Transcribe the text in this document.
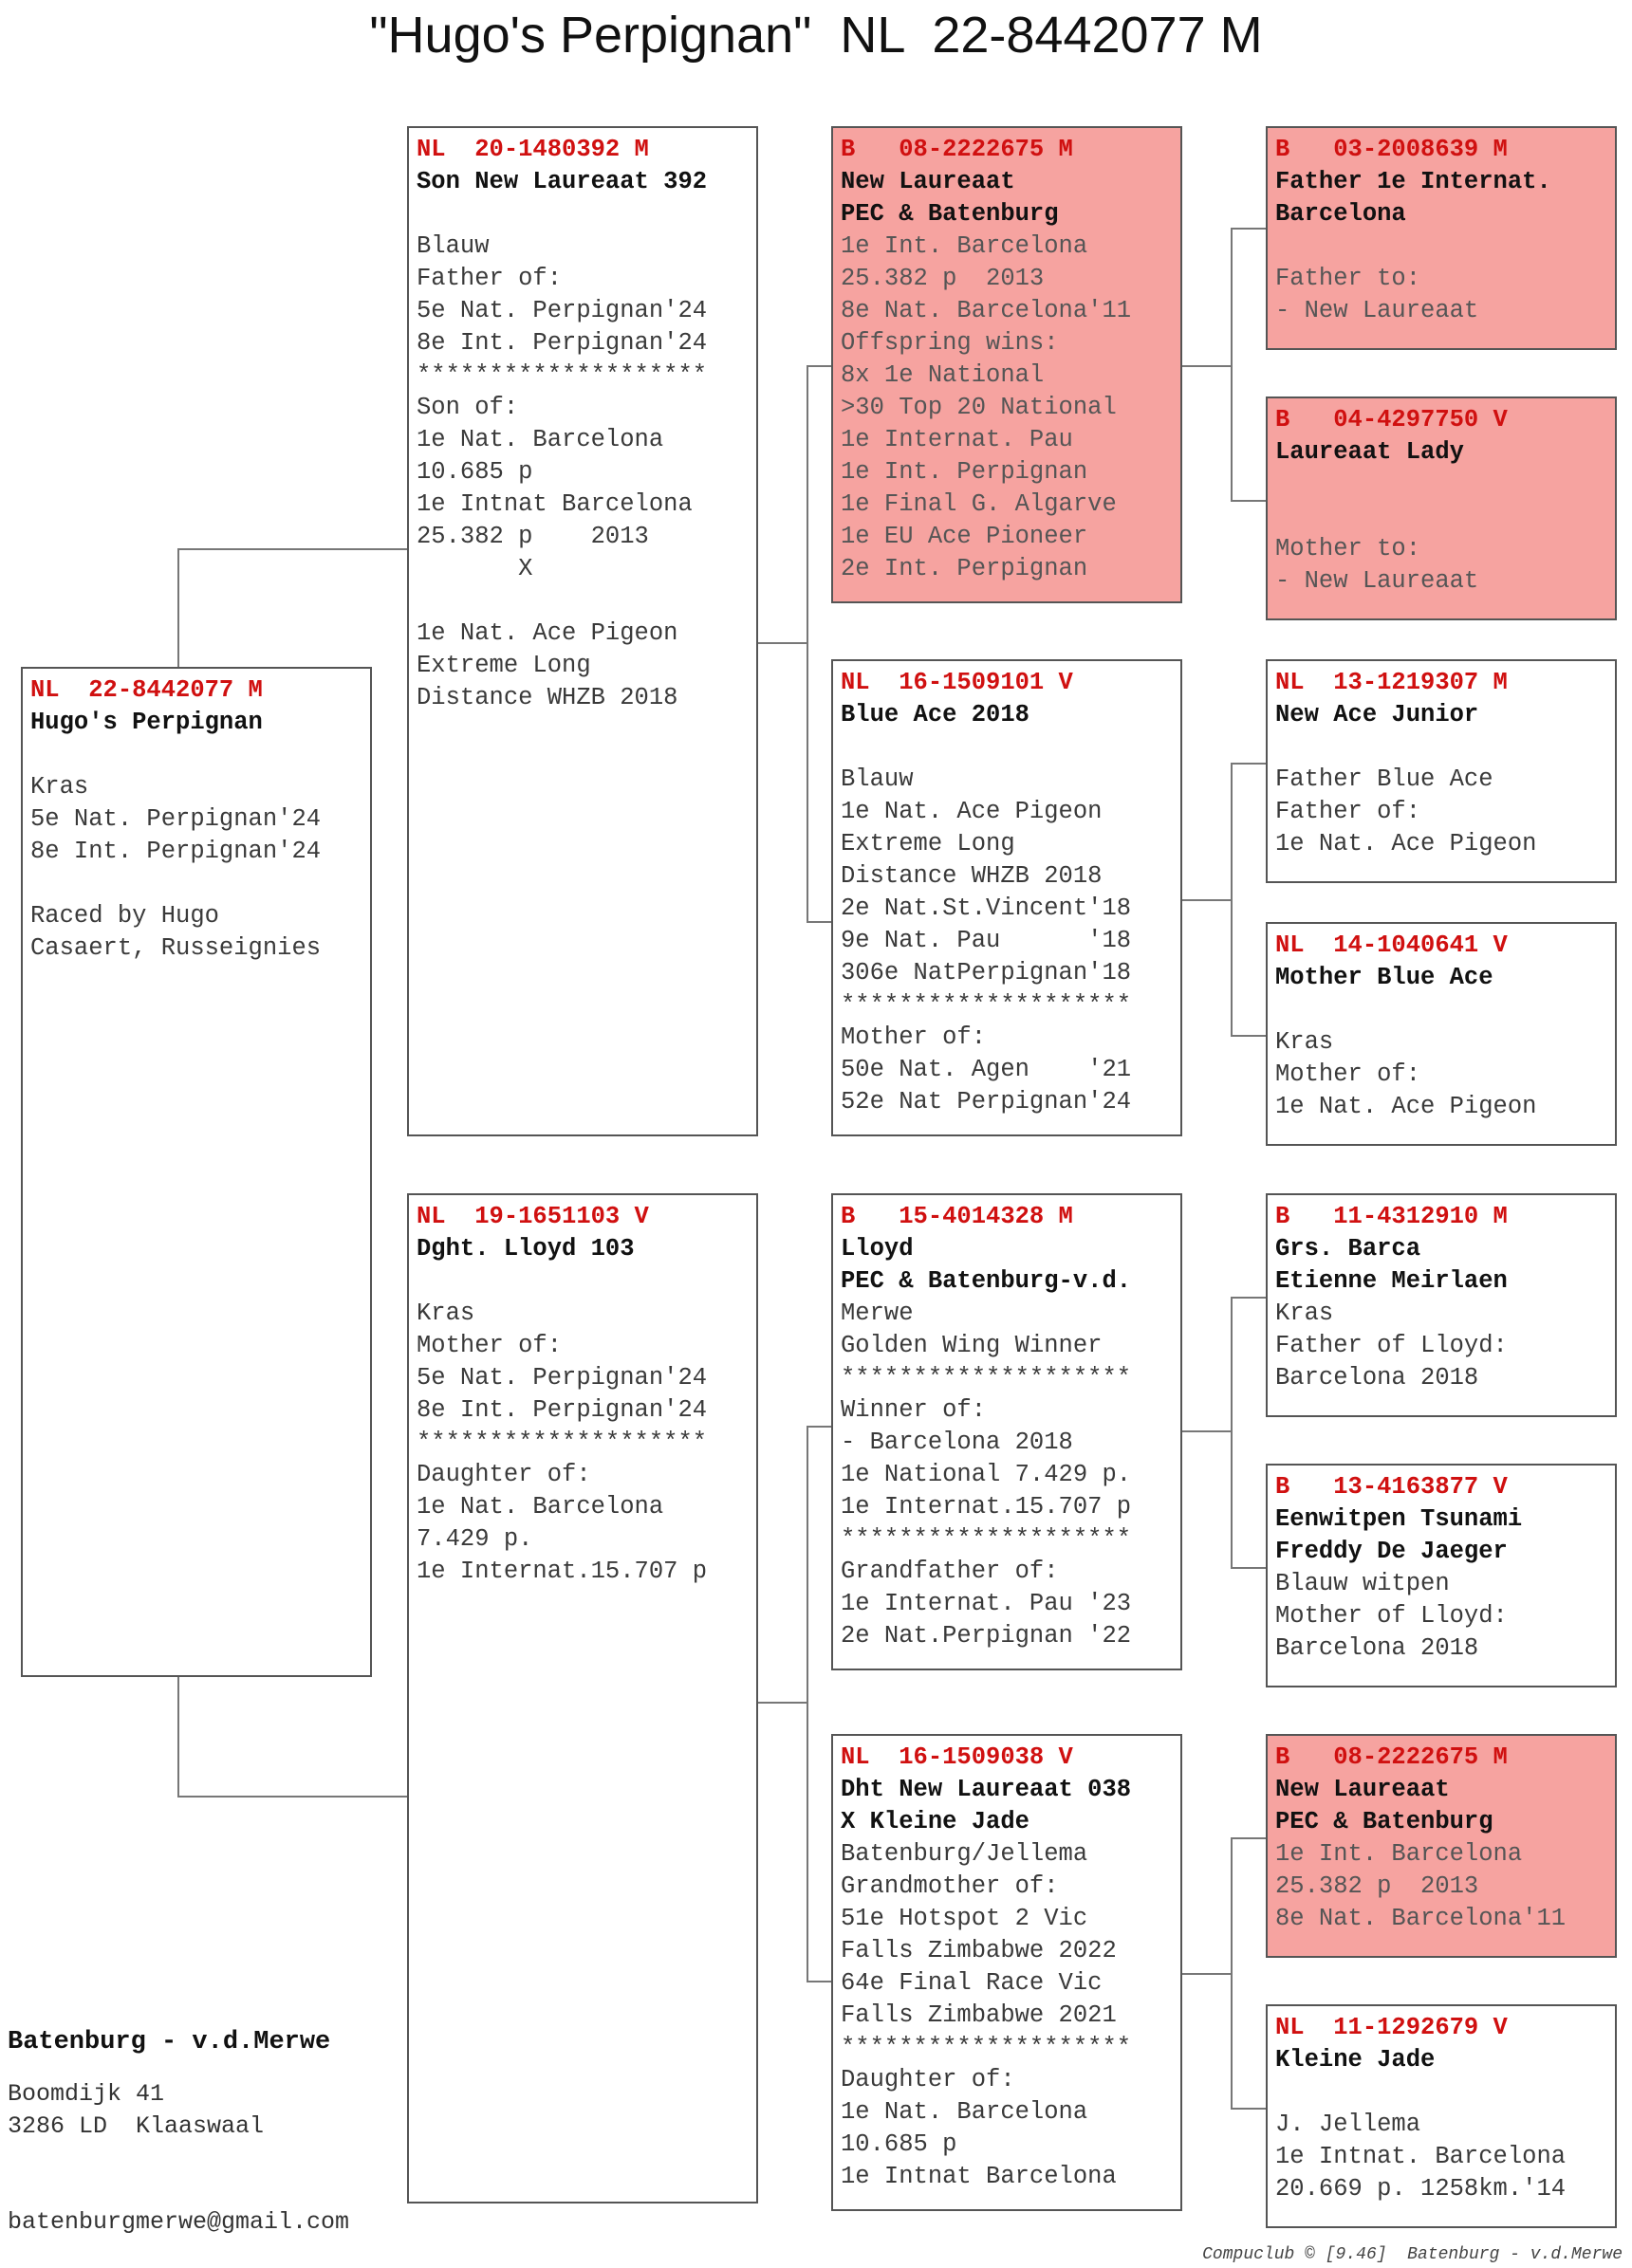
"Hugo's Perpignan"  NL  22-8442077 M
NL  22-8442077 M
Hugo's Perpignan
Kras
5e Nat. Perpignan'24
8e Int. Perpignan'24
Raced by Hugo
Casaert, Russeignies
NL  20-1480392 M
Son New Laureaat 392
Blauw
Father of:
5e Nat. Perpignan'24
8e Int. Perpignan'24
********************
Son of:
1e Nat. Barcelona
10.685 p
1e Intnat Barcelona
25.382 p    2013
X
1e Nat. Ace Pigeon
Extreme Long
Distance WHZB 2018
NL  19-1651103 V
Dght. Lloyd 103
Kras
Mother of:
5e Nat. Perpignan'24
8e Int. Perpignan'24
********************
Daughter of:
1e Nat. Barcelona
7.429 p.
1e Internat.15.707 p
B   08-2222675 M
New Laureaat
PEC & Batenburg
1e Int. Barcelona
25.382 p  2013
8e Nat. Barcelona'11
Offspring wins:
8x 1e National
>30 Top 20 National
1e Internat. Pau
1e Int. Perpignan
1e Final G. Algarve
1e EU Ace Pioneer
2e Int. Perpignan
NL  16-1509101 V
Blue Ace 2018
Blauw
1e Nat. Ace Pigeon
Extreme Long
Distance WHZB 2018
2e Nat.St.Vincent'18
9e Nat. Pau      '18
306e NatPerpignan'18
********************
Mother of:
50e Nat. Agen    '21
52e Nat Perpignan'24
B   15-4014328 M
Lloyd
PEC & Batenburg-v.d.
Merwe
Golden Wing Winner
********************
Winner of:
- Barcelona 2018
1e National 7.429 p.
1e Internat.15.707 p
********************
Grandfather of:
1e Internat. Pau '23
2e Nat.Perpignan '22
NL  16-1509038 V
Dht New Laureaat 038
X Kleine Jade
Batenburg/Jellema
Grandmother of:
51e Hotspot 2 Vic
Falls Zimbabwe 2022
64e Final Race Vic
Falls Zimbabwe 2021
********************
Daughter of:
1e Nat. Barcelona
10.685 p
1e Intnat Barcelona
B   03-2008639 M
Father 1e Internat.
Barcelona
Father to:
- New Laureaat
B   04-4297750 V
Laureaat Lady
Mother to:
- New Laureaat
NL  13-1219307 M
New Ace Junior
Father Blue Ace
Father of:
1e Nat. Ace Pigeon
NL  14-1040641 V
Mother Blue Ace
Kras
Mother of:
1e Nat. Ace Pigeon
B   11-4312910 M
Grs. Barca
Etienne Meirlaen
Kras
Father of Lloyd:
Barcelona 2018
B   13-4163877 V
Eenwitpen Tsunami
Freddy De Jaeger
Blauw witpen
Mother of Lloyd:
Barcelona 2018
B   08-2222675 M
New Laureaat
PEC & Batenburg
1e Int. Barcelona
25.382 p  2013
8e Nat. Barcelona'11
NL  11-1292679 V
Kleine Jade
J. Jellema
1e Intnat. Barcelona
20.669 p. 1258km.'14
Batenburg - v.d.Merwe
Boomdijk 41
3286 LD  Klaaswaal
batenburgmerwe@gmail.com
Compuclub © [9.46]  Batenburg - v.d.Merwe
